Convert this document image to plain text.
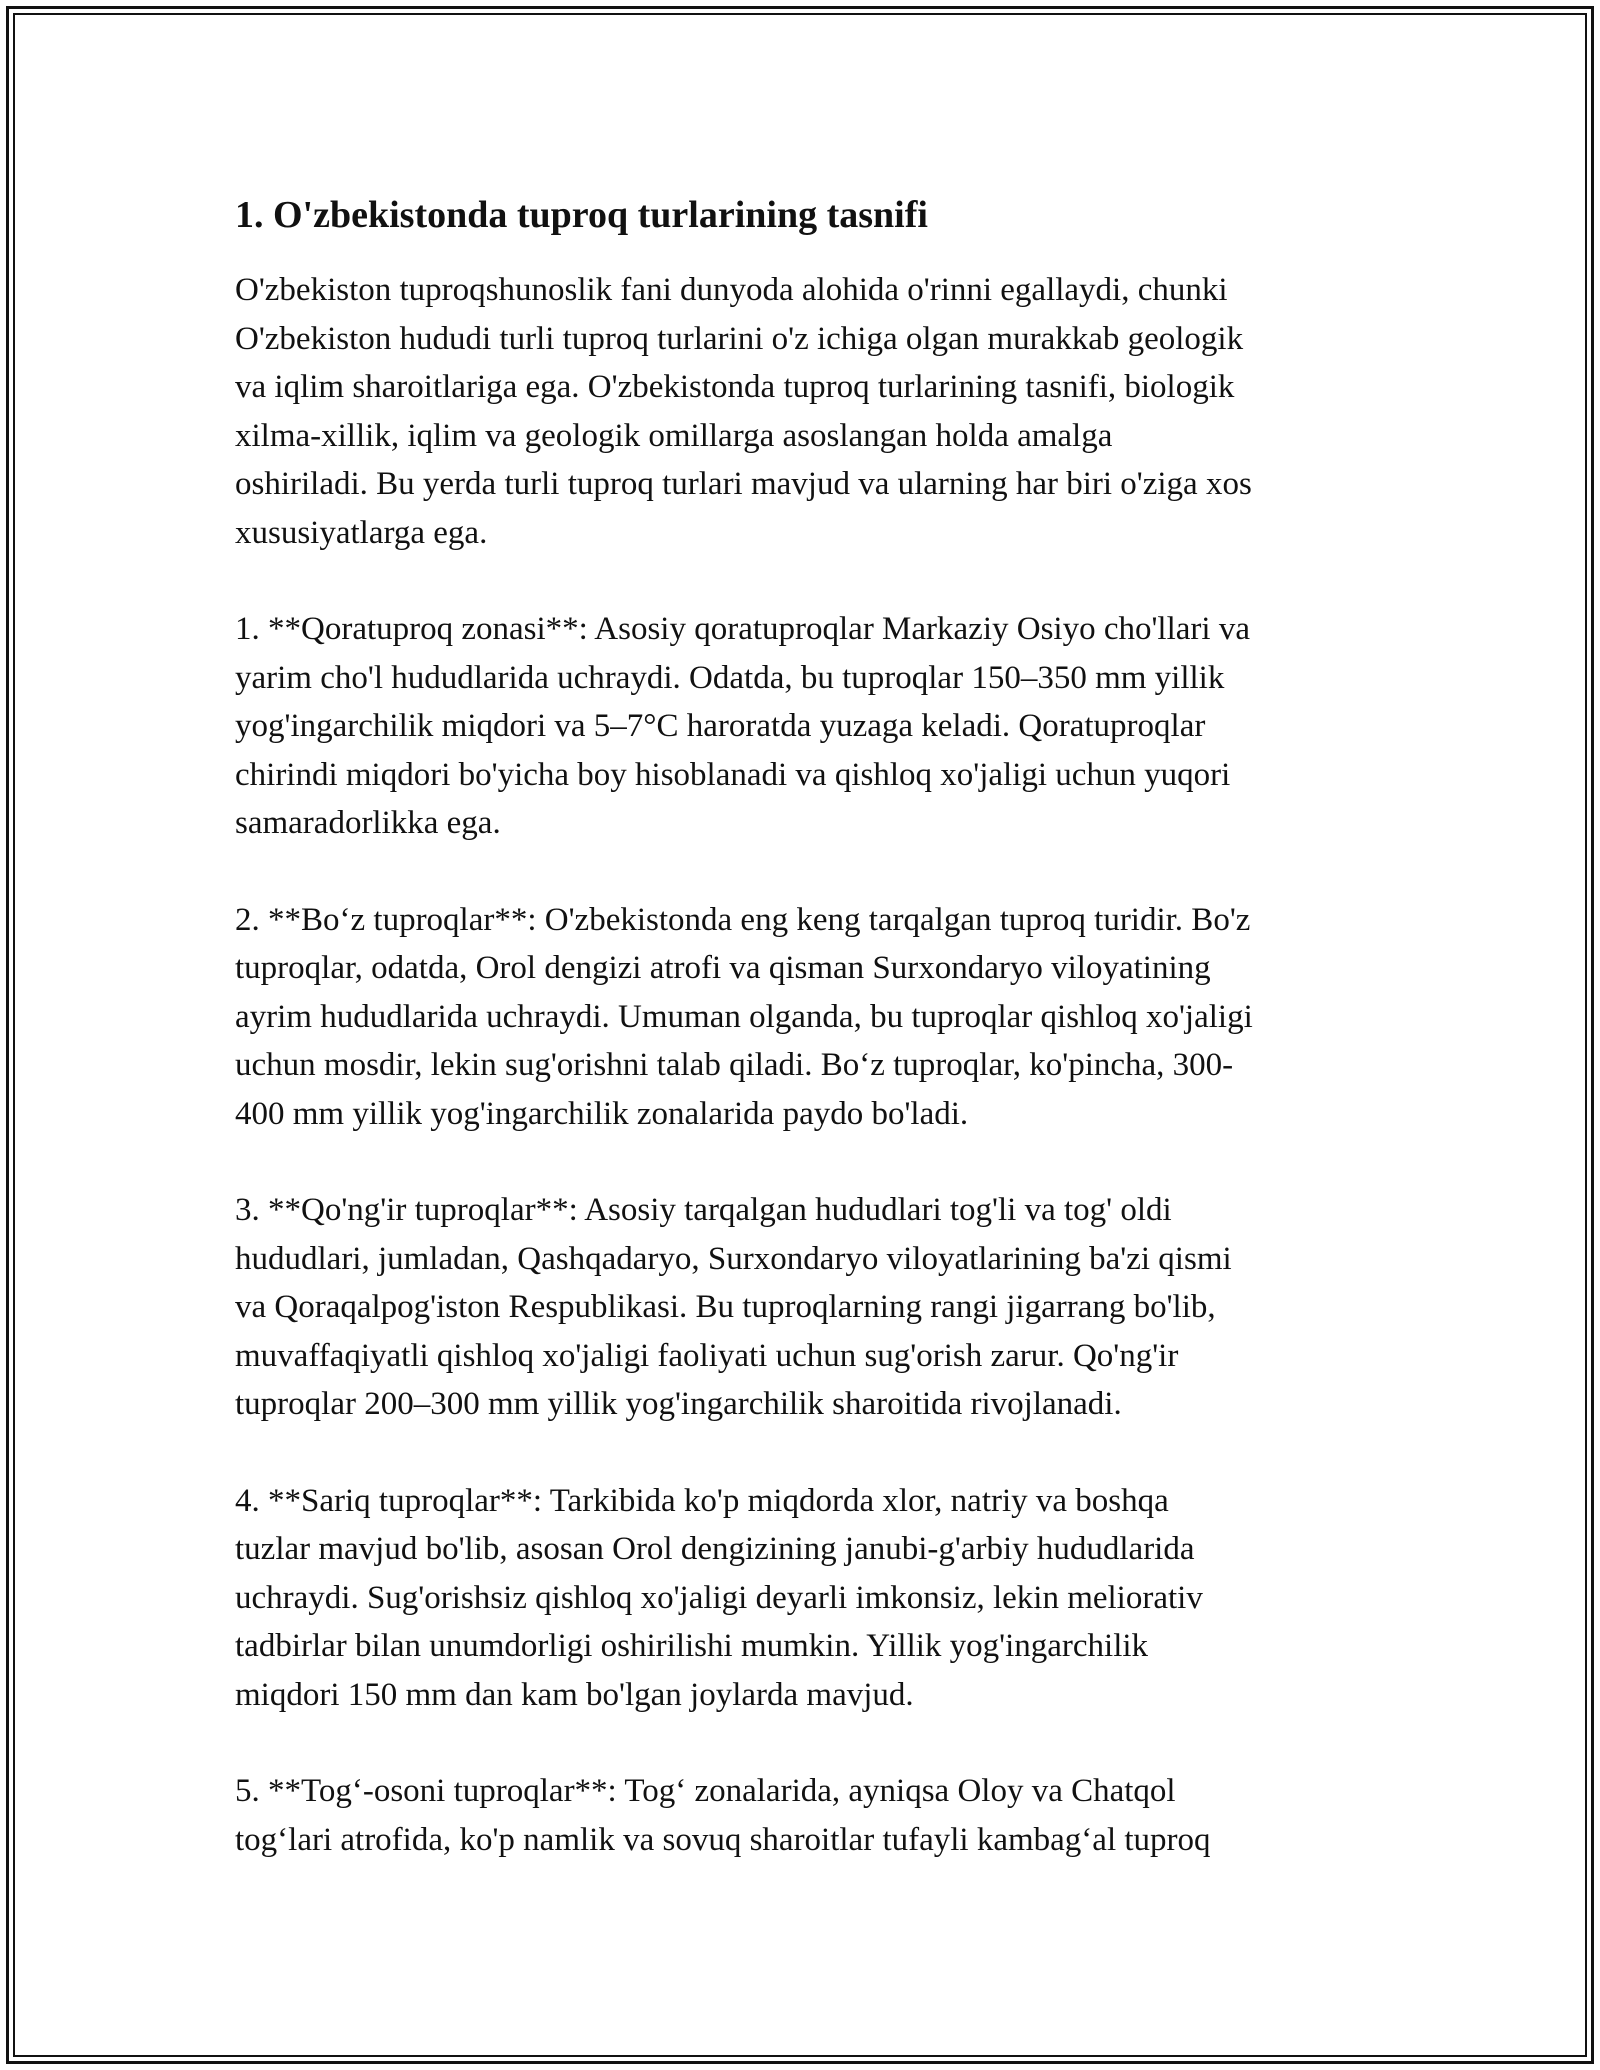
1. O'zbekistonda tuproq turlarining tasnifi

O'zbekiston tuproqshunoslik fani dunyoda alohida o'rinni egallaydi, chunki
O'zbekiston hududi turli tuproq turlarini o'z ichiga olgan murakkab geologik
va iqlim sharoitlariga ega. O'zbekistonda tuproq turlarining tasnifi, biologik
xilma-xillik, iqlim va geologik omillarga asoslangan holda amalga
oshiriladi. Bu yerda turli tuproq turlari mavjud va ularning har biri o'ziga xos
xususiyatlarga ega.

1. **Qoratuproq zonasi**: Asosiy qoratuproqlar Markaziy Osiyo cho'llari va
yarim cho'l hududlarida uchraydi. Odatda, bu tuproqlar 150–350 mm yillik
yog'ingarchilik miqdori va 5–7°C haroratda yuzaga keladi. Qoratuproqlar
chirindi miqdori bo'yicha boy hisoblanadi va qishloq xo'jaligi uchun yuqori
samaradorlikka ega.

2. **Boʻz tuproqlar**: O'zbekistonda eng keng tarqalgan tuproq turidir. Bo'z
tuproqlar, odatda, Orol dengizi atrofi va qisman Surxondaryo viloyatining
ayrim hududlarida uchraydi. Umuman olganda, bu tuproqlar qishloq xo'jaligi
uchun mosdir, lekin sug'orishni talab qiladi. Boʻz tuproqlar, ko'pincha, 300-
400 mm yillik yog'ingarchilik zonalarida paydo bo'ladi.

3. **Qo'ng'ir tuproqlar**: Asosiy tarqalgan hududlari tog'li va tog' oldi
hududlari, jumladan, Qashqadaryo, Surxondaryo viloyatlarining ba'zi qismi
va Qoraqalpog'iston Respublikasi. Bu tuproqlarning rangi jigarrang bo'lib,
muvaffaqiyatli qishloq xo'jaligi faoliyati uchun sug'orish zarur. Qo'ng'ir
tuproqlar 200–300 mm yillik yog'ingarchilik sharoitida rivojlanadi.

4. **Sariq tuproqlar**: Tarkibida ko'p miqdorda xlor, natriy va boshqa
tuzlar mavjud bo'lib, asosan Orol dengizining janubi-g'arbiy hududlarida
uchraydi. Sug'orishsiz qishloq xo'jaligi deyarli imkonsiz, lekin meliorativ
tadbirlar bilan unumdorligi oshirilishi mumkin. Yillik yog'ingarchilik
miqdori 150 mm dan kam bo'lgan joylarda mavjud.

5. **Togʻ-osoni tuproqlar**: Togʻ zonalarida, ayniqsa Oloy va Chatqol
togʻlari atrofida, ko'p namlik va sovuq sharoitlar tufayli kambagʻal tuproq
